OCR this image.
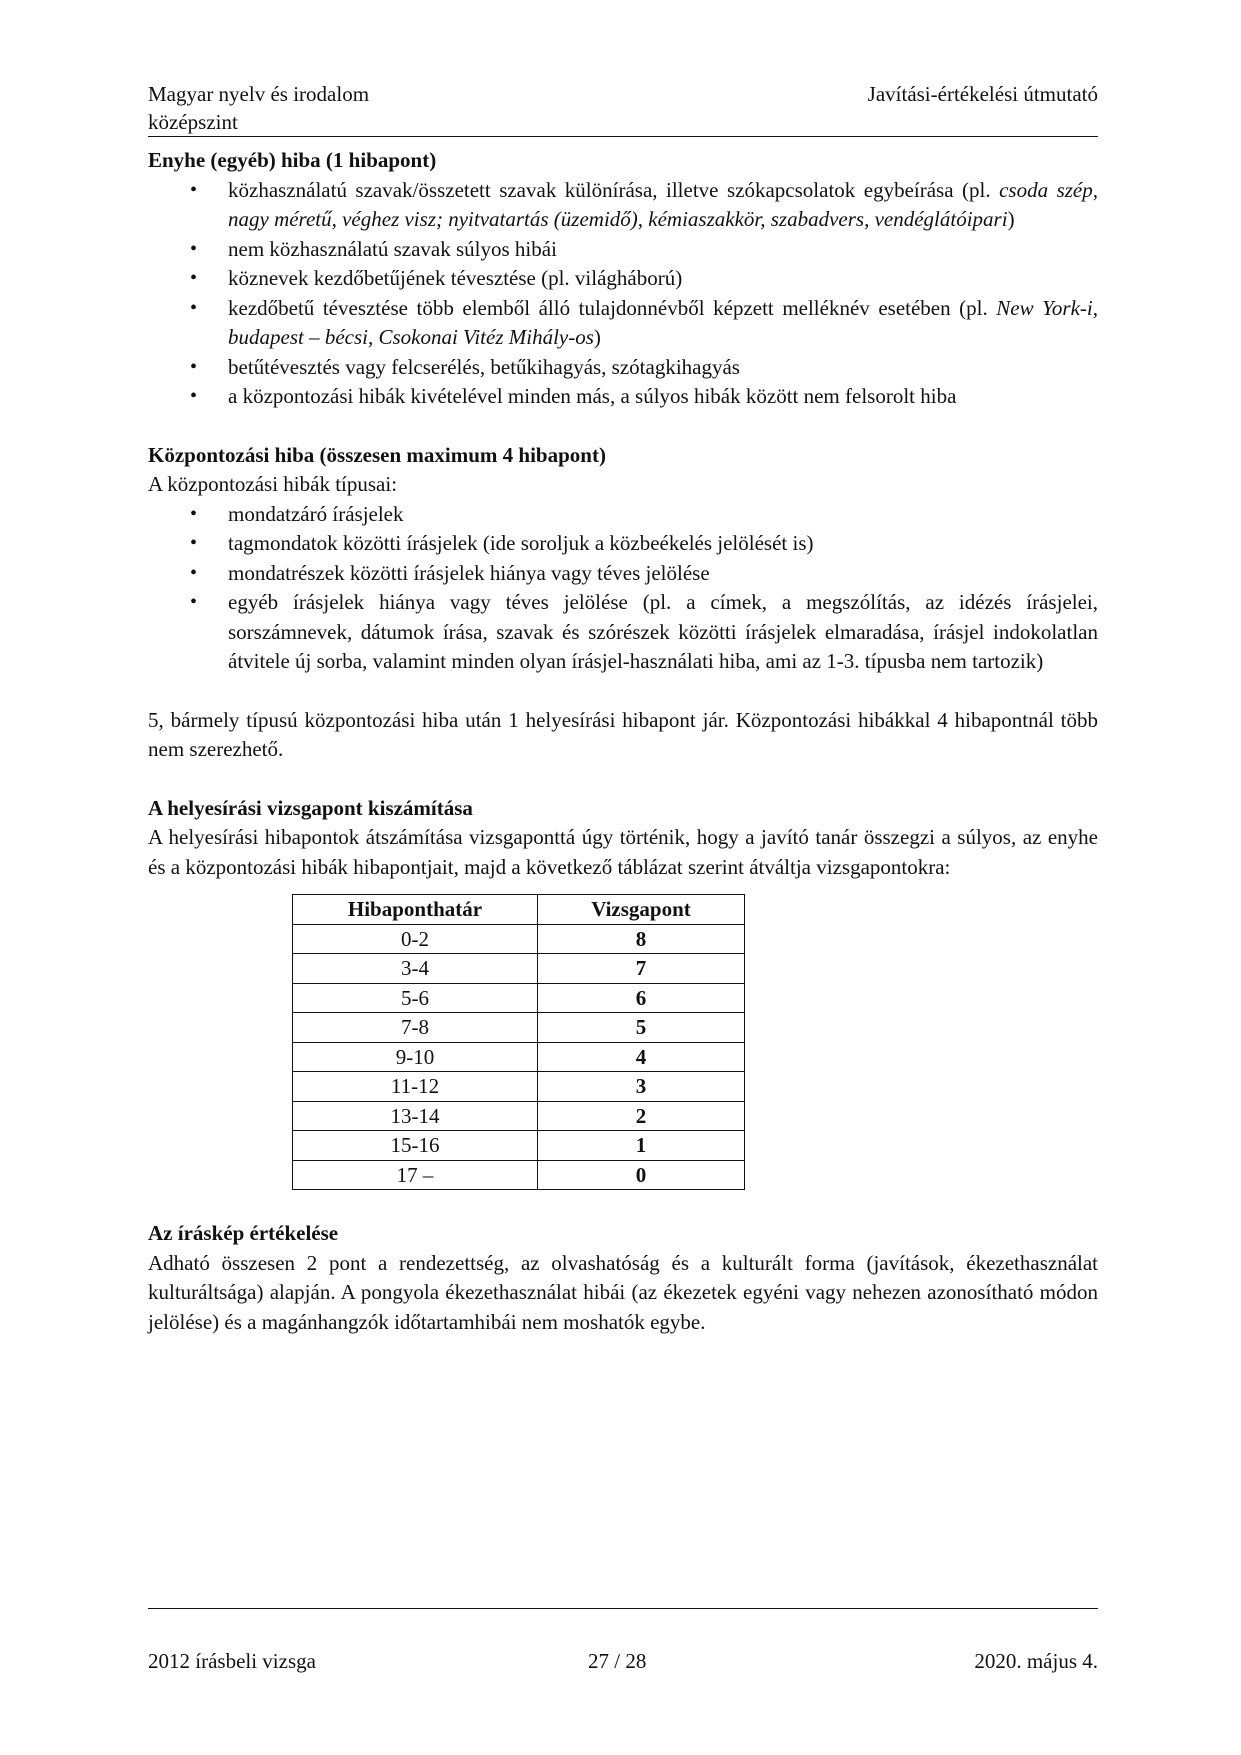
Magyar nyelv és irodalom
középszint
Javítási-értékelési útmutató

Enyhe (egyéb) hiba (1 hibapont)

• közhasználatú szavak/összetett szavak különírása, illetve szókapcsolatok egybeírása (pl. csoda szép, nagy méretű, véghez visz; nyitvatartás (üzemidő), kémiaszakkör, szabadvers, vendéglátóipari)
• nem közhasználatú szavak súlyos hibái
• köznevek kezdőbetűjének tévesztése (pl. világháború)
• kezdőbetű tévesztése több elemből álló tulajdonnévből képzett melléknév esetében (pl. New York-i, budapest – bécsi, Csokonai Vitéz Mihály-os)
• betűtévesztés vagy felcserélés, betűkihagyás, szótagkihagyás
• a központozási hibák kivételével minden más, a súlyos hibák között nem felsorolt hiba

Központozási hiba (összesen maximum 4 hibapont)

A központozási hibák típusai:

• mondatzáró írásjelek
• tagmondatok közötti írásjelek (ide soroljuk a közbeékelés jelölését is)
• mondatrészek közötti írásjelek hiánya vagy téves jelölése
• egyéb írásjelek hiánya vagy téves jelölése (pl. a címek, a megszólítás, az idézés írásjelei, sorszámnevek, dátumok írása, szavak és szórészek közötti írásjelek elmaradása, írásjel indokolatlan átvitele új sorba, valamint minden olyan írásjel-használati hiba, ami az 1-3. típusba nem tartozik)

5, bármely típusú központozási hiba után 1 helyesírási hibapont jár. Központozási hibákkal 4 hibapontnál több nem szerezhető.

A helyesírási vizsgapont kiszámítása

A helyesírási hibapontok átszámítása vizsgaponttá úgy történik, hogy a javító tanár összegzi a súlyos, az enyhe és a központozási hibák hibapontjait, majd a következő táblázat szerint átváltja vizsgapontokra:

Hibaponthatár	Vizsgapont
0-2	8
3-4	7
5-6	6
7-8	5
9-10	4
11-12	3
13-14	2
15-16	1
17 –	0

Az íráskép értékelése

Adható összesen 2 pont a rendezettség, az olvashatóság és a kulturált forma (javítások, ékezethasználat kulturáltsága) alapján. A pongyola ékezethasználat hibái (az ékezetek egyéni vagy nehezen azonosítható módon jelölése) és a magánhangzók időtartamhibái nem moshatók egybe.

2012 írásbeli vizsga	27 / 28	2020. május 4.
